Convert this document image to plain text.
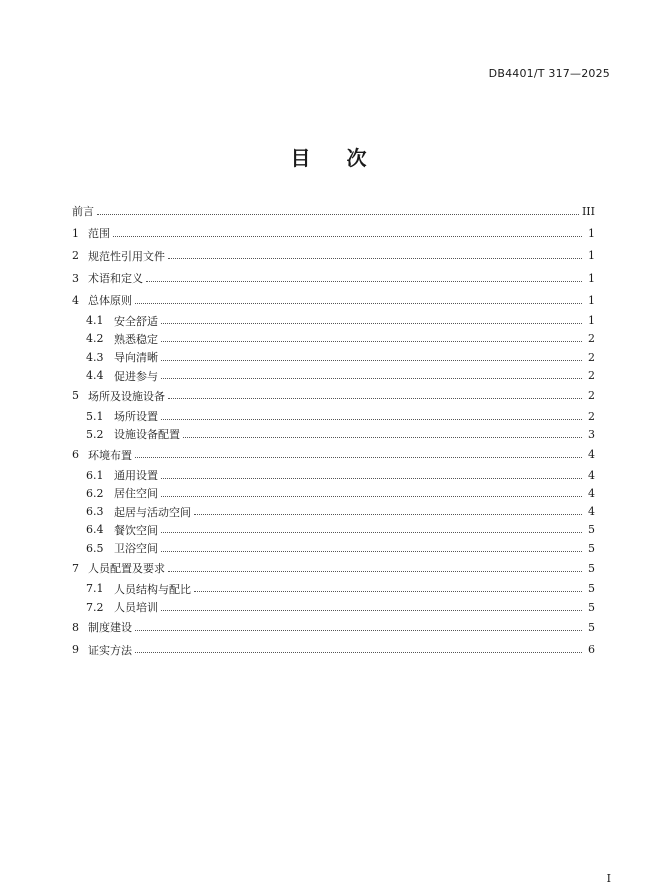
DB4401/T 317—2025
目 次
前言	III
1 范围	1
2 规范性引用文件	1
3 术语和定义	1
4 总体原则	1
4.1 安全舒适	1
4.2 熟悉稳定	2
4.3 导向清晰	2
4.4 促进参与	2
5 场所及设施设备	2
5.1 场所设置	2
5.2 设施设备配置	3
6 环境布置	4
6.1 通用设置	4
6.2 居住空间	4
6.3 起居与活动空间	4
6.4 餐饮空间	5
6.5 卫浴空间	5
7 人员配置及要求	5
7.1 人员结构与配比	5
7.2 人员培训	5
8 制度建设	5
9 证实方法	6
I
